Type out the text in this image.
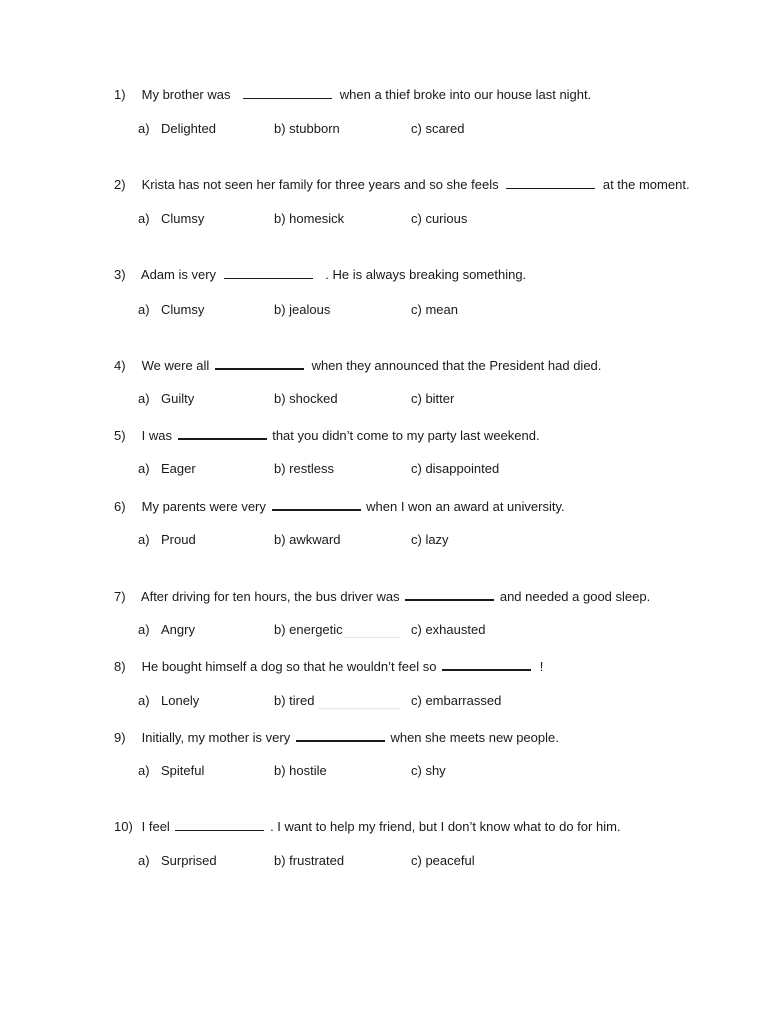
1) My brother was	when a thief broke into our house last night.
a) Delighted	b) stubborn	c) scared
2) Krista has not seen her family for three years and so she feels	at the moment.
a) Clumsy	b) homesick	c) curious
3) Adam is very	. He is always breaking something.
a) Clumsy	b) jealous	c) mean
4) We were all	when they announced that the President had died.
a) Guilty	b) shocked	c) bitter
5) I was	that you didn’t come to my party last weekend.
a) Eager	b) restless	c) disappointed
6) My parents were very	when I won an award at university.
a) Proud	b) awkward	c) lazy
7) After driving for ten hours, the bus driver was	and needed a good sleep.
a) Angry	b) energetic	c) exhausted
8) He bought himself a dog so that he wouldn’t feel so	!
a) Lonely	b) tired	c) embarrassed
9) Initially, my mother is very	when she meets new people.
a) Spiteful	b) hostile	c) shy
10) I feel	. I want to help my friend, but I don’t know what to do for him.
a) Surprised	b) frustrated	c) peaceful
